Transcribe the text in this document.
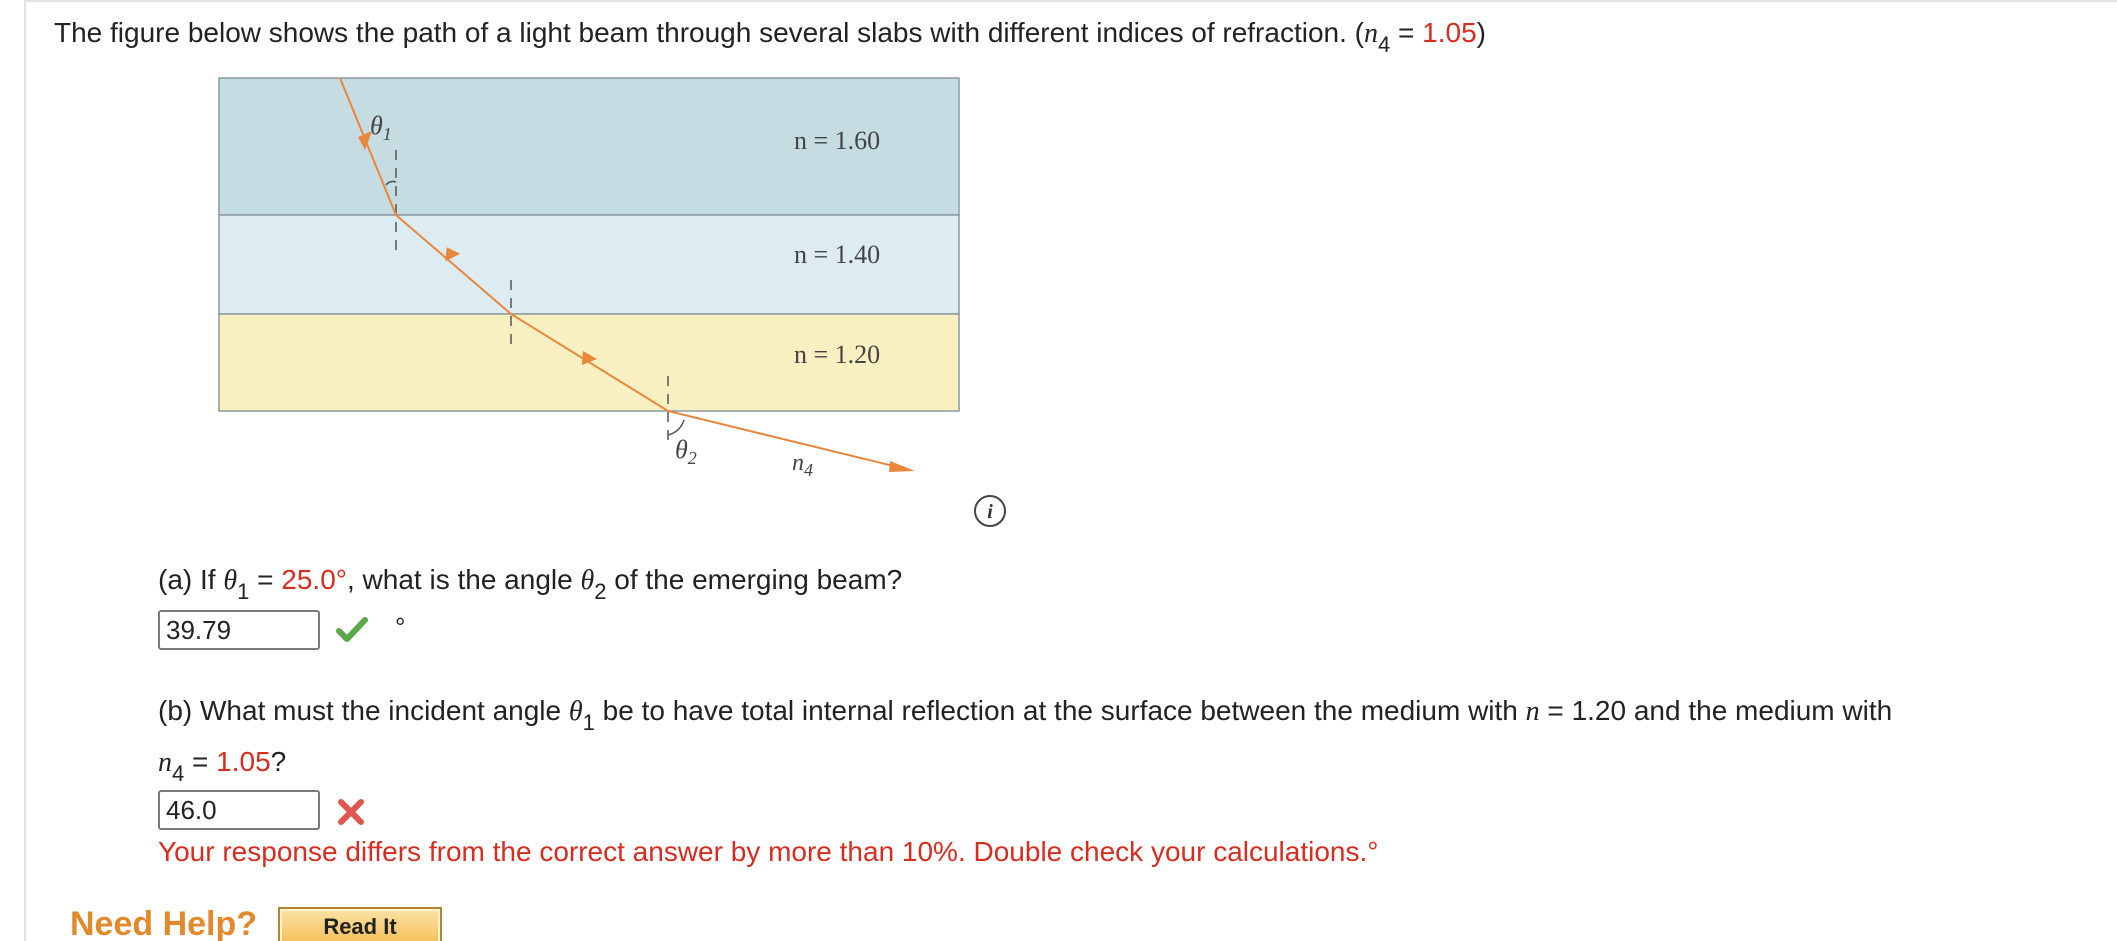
The figure below shows the path of a light beam through several slabs with different indices of refraction. $(n_4 = 1.05)$
n = 1.60
n = 1.40
n = 1.20
$n_4$
$\theta_1$
$\theta_2$
i
(a) If $\theta_1 = 25.0^\circ$, what is the angle $\theta_2$ of the emerging beam?
39.79
°
(b) What must the incident angle $\theta_1$ be to have total internal reflection at the surface between the medium with n = 1.20 and the medium with
$n_4 = 1.05$?
46.0
Your response differs from the correct answer by more than 10%. Double check your calculations.°
Need Help?	Read It
